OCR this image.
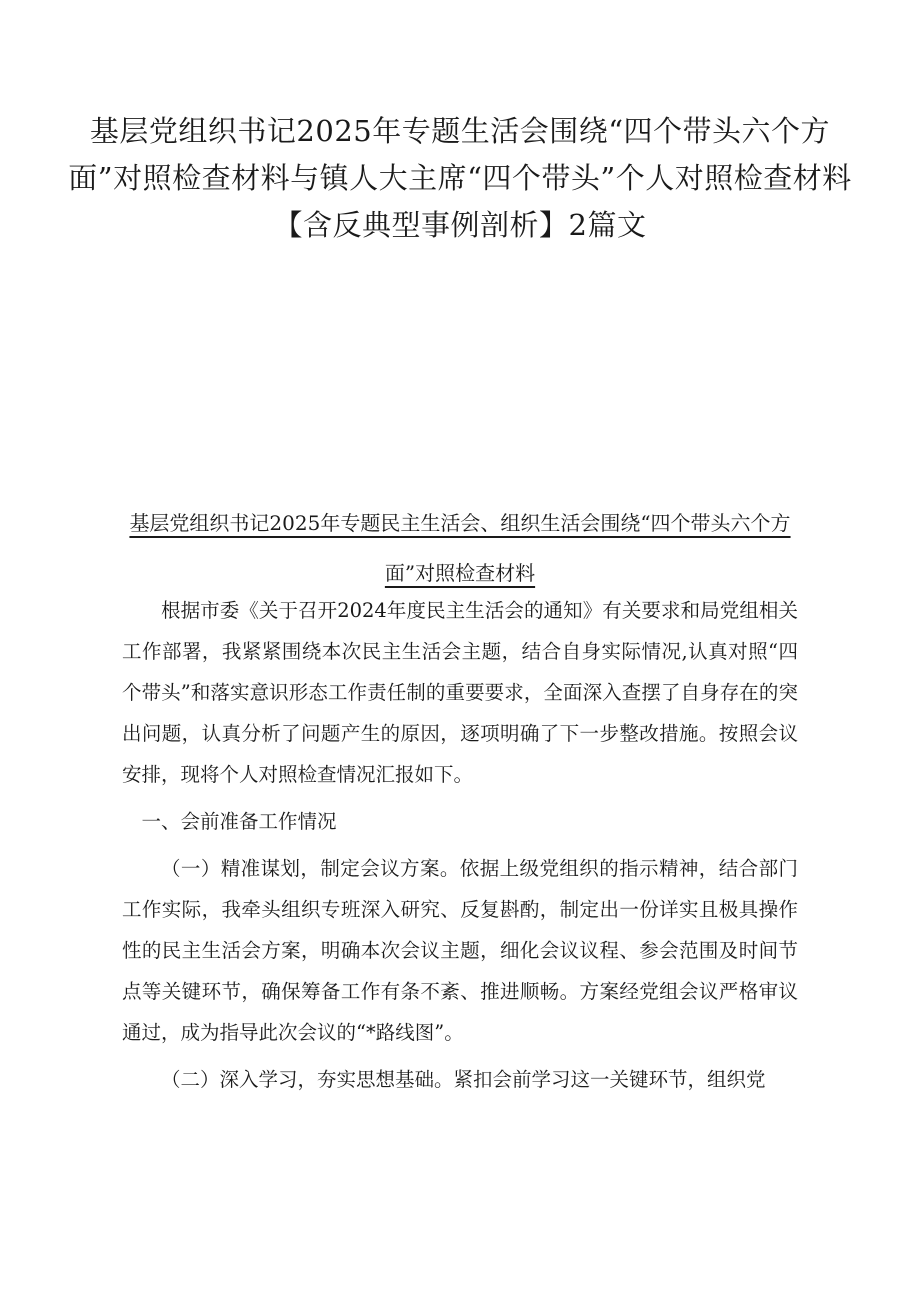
基层党组织书记2025年专题生活会围绕“四个带头六个方面”对照检查材料与镇人大主席“四个带头”个人对照检查材料【含反典型事例剖析】2篇文
基层党组织书记2025年专题民主生活会、组织生活会围绕“四个带头六个方面”对照检查材料

根据市委《关于召开2024年度民主生活会的通知》有关要求和局党组相关工作部署，我紧紧围绕本次民主生活会主题，结合自身实际情况,认真对照“四个带头”和落实意识形态工作责任制的重要要求，全面深入查摆了自身存在的突出问题，认真分析了问题产生的原因，逐项明确了下一步整改措施。按照会议安排，现将个人对照检查情况汇报如下。

一、会前准备工作情况

（一）精准谋划，制定会议方案。依据上级党组织的指示精神，结合部门工作实际，我牵头组织专班深入研究、反复斟酌，制定出一份详实且极具操作性的民主生活会方案，明确本次会议主题，细化会议议程、参会范围及时间节点等关键环节，确保筹备工作有条不紊、推进顺畅。方案经党组会议严格审议通过，成为指导此次会议的“*路线图”。

（二）深入学习，夯实思想基础。紧扣会前学习这一关键环节，组织党
